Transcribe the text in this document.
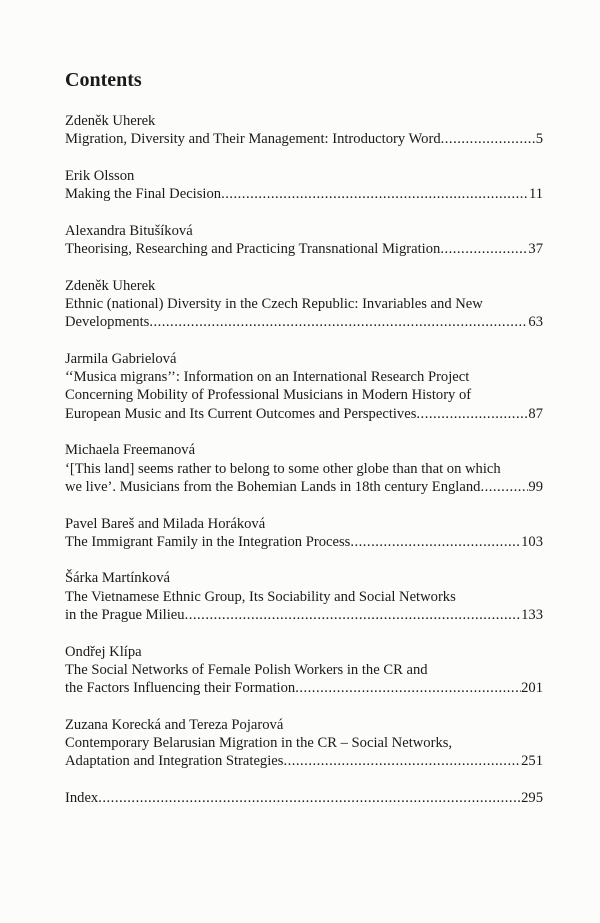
Contents
Zdeněk Uherek
Migration, Diversity and Their Management: Introductory Word .....	5
Erik Olsson
Making the Final Decision .....	11
Alexandra Bitušíková
Theorising, Researching and Practicing Transnational Migration .....	37
Zdeněk Uherek
Ethnic (national) Diversity in the Czech Republic: Invariables and New
Developments .....	63
Jarmila Gabrielová
‘‘Musica migrans’’: Information on an International Research Project
Concerning Mobility of Professional Musicians in Modern History of
European Music and Its Current Outcomes and Perspectives .....	87
Michaela Freemanová
‘[This land] seems rather to belong to some other globe than that on which
we live’. Musicians from the Bohemian Lands in 18th century England .....	99
Pavel Bareš and Milada Horáková
The Immigrant Family in the Integration Process .....	103
Šárka Martínková
The Vietnamese Ethnic Group, Its Sociability and Social Networks
in the Prague Milieu .....	133
Ondřej Klípa
The Social Networks of Female Polish Workers in the CR and
the Factors Influencing their Formation .....	201
Zuzana Korecká and Tereza Pojarová
Contemporary Belarusian Migration in the CR – Social Networks,
Adaptation and Integration Strategies .....	251
Index .....	295
